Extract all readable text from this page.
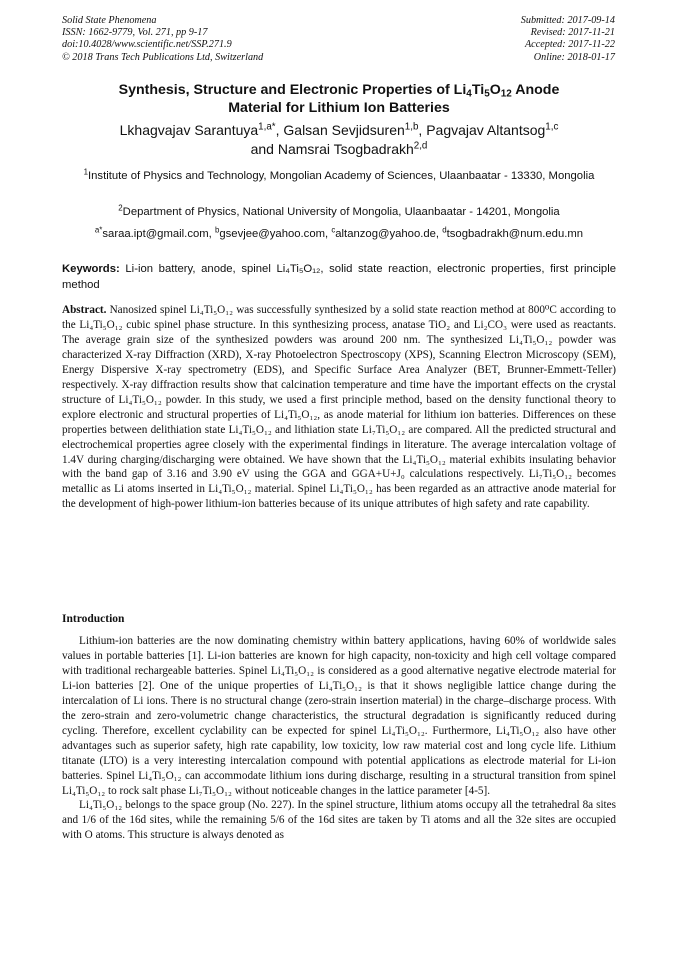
Solid State Phenomena
ISSN: 1662-9779, Vol. 271, pp 9-17
doi:10.4028/www.scientific.net/SSP.271.9
© 2018 Trans Tech Publications Ltd, Switzerland
Submitted: 2017-09-14
Revised: 2017-11-21
Accepted: 2017-11-22
Online: 2018-01-17
Synthesis, Structure and Electronic Properties of $Li_4Ti_5O_{12}$ Anode
Material for Lithium Ion Batteries
Lkhagvajav Sarantuya$^{1,a*}$, Galsan Sevjidsuren$^{1,b}$, Pagvajav Altantsog$^{1,c}$
and Namsrai Tsogbadrakh$^{2,d}$
$^1$Institute of Physics and Technology, Mongolian Academy of Sciences, Ulaanbaatar - 13330, Mongolia
$^2$Department of Physics, National University of Mongolia, Ulaanbaatar - 14201, Mongolia
$^{a*}$saraa.ipt@gmail.com, $^b$gsevjee@yahoo.com, $^c$altanzog@yahoo.de, $^d$tsogbadrakh@num.edu.mn
Keywords: Li-ion battery, anode, spinel Li₄Ti₅O₁₂, solid state reaction, electronic properties, first principle method
Abstract. Nanosized spinel Li₄Ti₅O₁₂ was successfully synthesized by a solid state reaction method at 800⁰C according to the Li₄Ti₅O₁₂ cubic spinel phase structure. In this synthesizing process, anatase TiO₂ and Li₂CO₃ were used as reactants. The average grain size of the synthesized powders was around 200 nm. The synthesized Li₄Ti₅O₁₂ powder was characterized X-ray Diffraction (XRD), X-ray Photoelectron Spectroscopy (XPS), Scanning Electron Microscopy (SEM), Energy Dispersive X-ray spectrometry (EDS), and Specific Surface Area Analyzer (BET, Brunner-Emmett-Teller) respectively. X-ray diffraction results show that calcination temperature and time have the important effects on the crystal structure of Li₄Ti₅O₁₂ powder. In this study, we used a first principle method, based on the density functional theory to explore electronic and structural properties of Li₄Ti₅O₁₂, as anode material for lithium ion batteries. Differences on these properties between delithiation state Li₄Ti₅O₁₂ and lithiation state Li₇Ti₅O₁₂ are compared. All the predicted structural and electrochemical properties agree closely with the experimental findings in literature. The average intercalation voltage of 1.4V during charging/discharging were obtained. We have shown that the Li₄Ti₅O₁₂ material exhibits insulating behavior with the band gap of 3.16 and 3.90 eV using the GGA and GGA+U+J₀ calculations respectively. Li₇Ti₅O₁₂ becomes metallic as Li atoms inserted in Li₄Ti₅O₁₂ material. Spinel Li₄Ti₅O₁₂ has been regarded as an attractive anode material for the development of high-power lithium-ion batteries because of its unique attributes of high safety and rate capability.
Introduction

Lithium-ion batteries are the now dominating chemistry within battery applications, having 60% of worldwide sales values in portable batteries [1]. Li-ion batteries are known for high capacity, non-toxicity and high cell voltage compared with traditional rechargeable batteries. Spinel Li₄Ti₅O₁₂ is considered as a good alternative negative electrode material for Li-ion batteries [2]. One of the unique properties of Li₄Ti₅O₁₂ is that it shows negligible lattice change during the intercalation of Li ions. There is no structural change (zero-strain insertion material) in the charge–discharge process. With the zero-strain and zero-volumetric change characteristics, the structural degradation is significantly reduced during cycling. Therefore, excellent cyclability can be expected for spinel Li₄Ti₅O₁₂. Furthermore, Li₄Ti₅O₁₂ also have other advantages such as superior safety, high rate capability, low toxicity, low raw material cost and long cycle life. Lithium titanate (LTO) is a very interesting intercalation compound with potential applications as electrode material for Li-ion batteries. Spinel Li₄Ti₅O₁₂ can accommodate lithium ions during discharge, resulting in a structural transition from spinel Li₄Ti₅O₁₂ to rock salt phase Li₇Ti₅O₁₂ without noticeable changes in the lattice parameter [4-5].

Li₄Ti₅O₁₂ belongs to the space group (No. 227). In the spinel structure, lithium atoms occupy all the tetrahedral 8a sites and 1/6 of the 16d sites, while the remaining 5/6 of the 16d sites are taken by Ti atoms and all the 32e sites are occupied with O atoms. This structure is always denoted as
